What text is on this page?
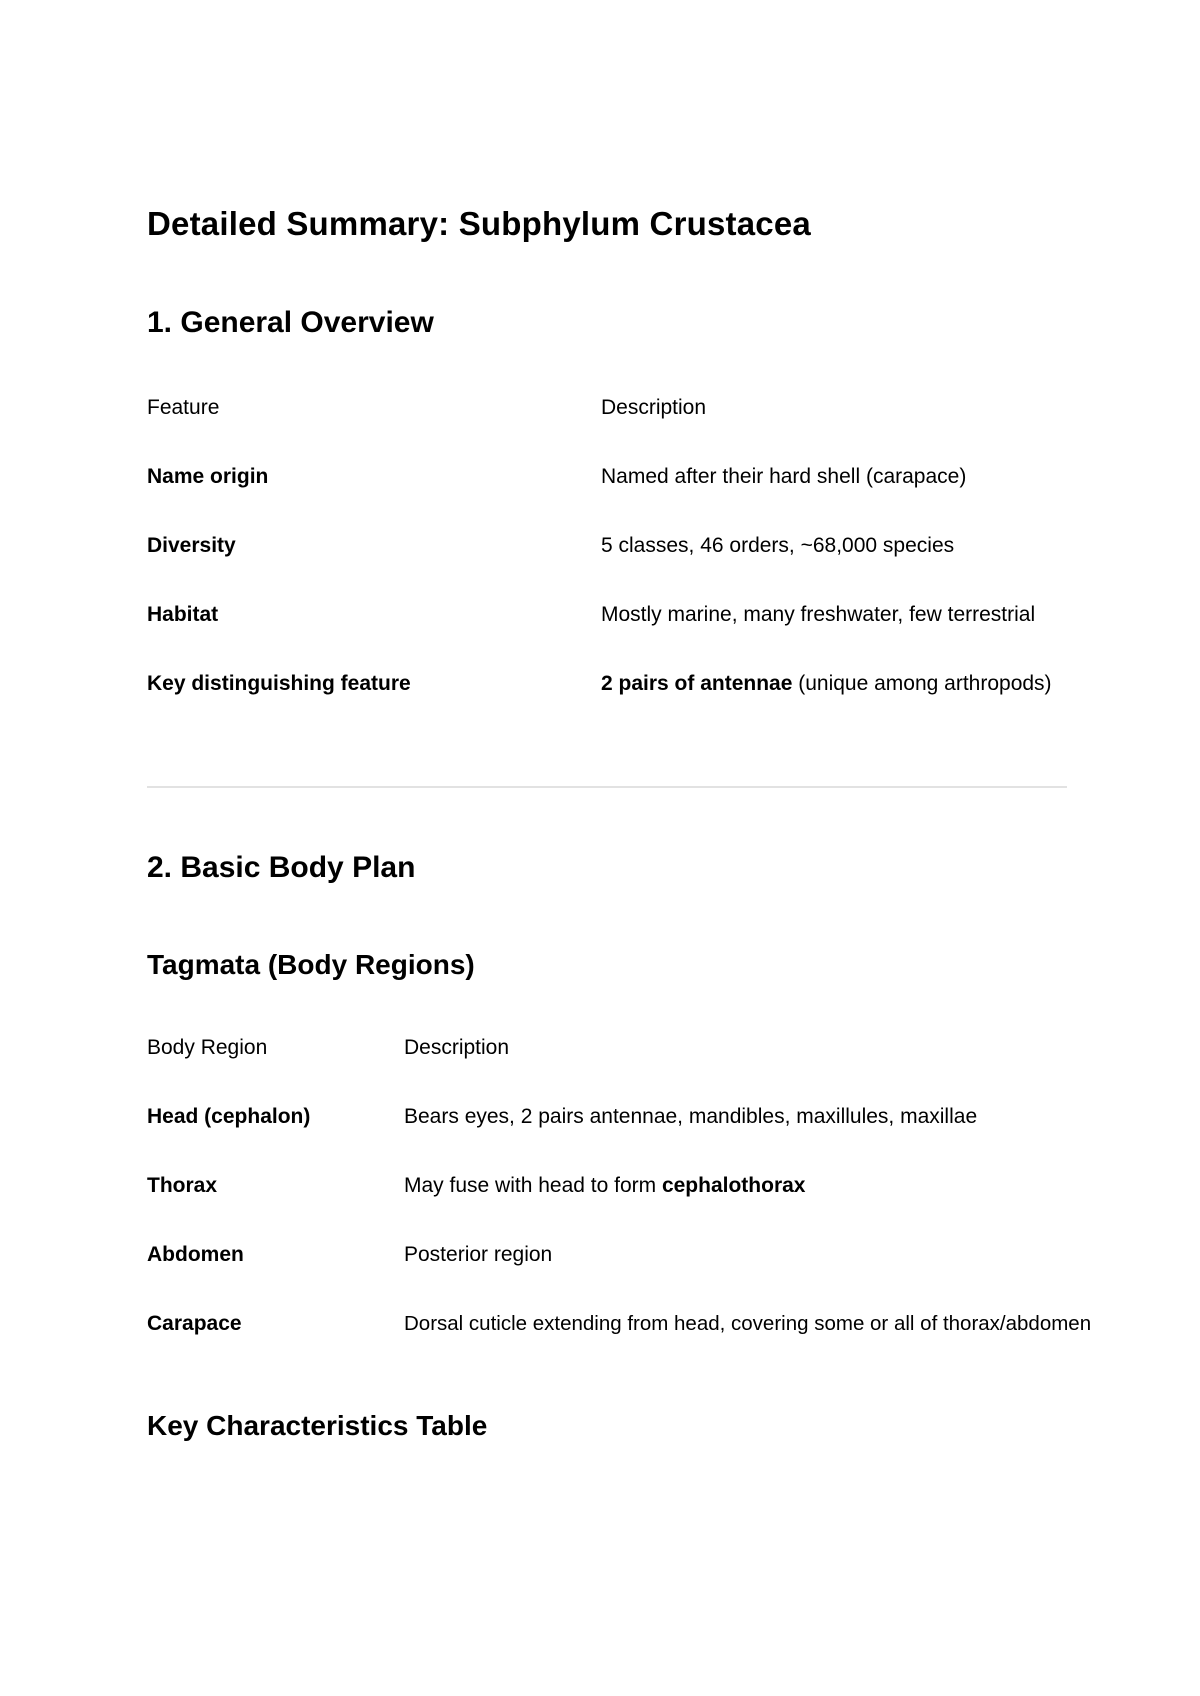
Detailed Summary: Subphylum Crustacea
1. General Overview
Feature	Description
Name origin	Named after their hard shell (carapace)
Diversity	5 classes, 46 orders, ~68,000 species
Habitat	Mostly marine, many freshwater, few terrestrial
Key distinguishing feature	2 pairs of antennae (unique among arthropods)
2. Basic Body Plan
Tagmata (Body Regions)
Body Region	Description
Head (cephalon)	Bears eyes, 2 pairs antennae, mandibles, maxillules, maxillae
Thorax	May fuse with head to form cephalothorax
Abdomen	Posterior region
Carapace	Dorsal cuticle extending from head, covering some or all of thorax/abdomen
Key Characteristics Table
